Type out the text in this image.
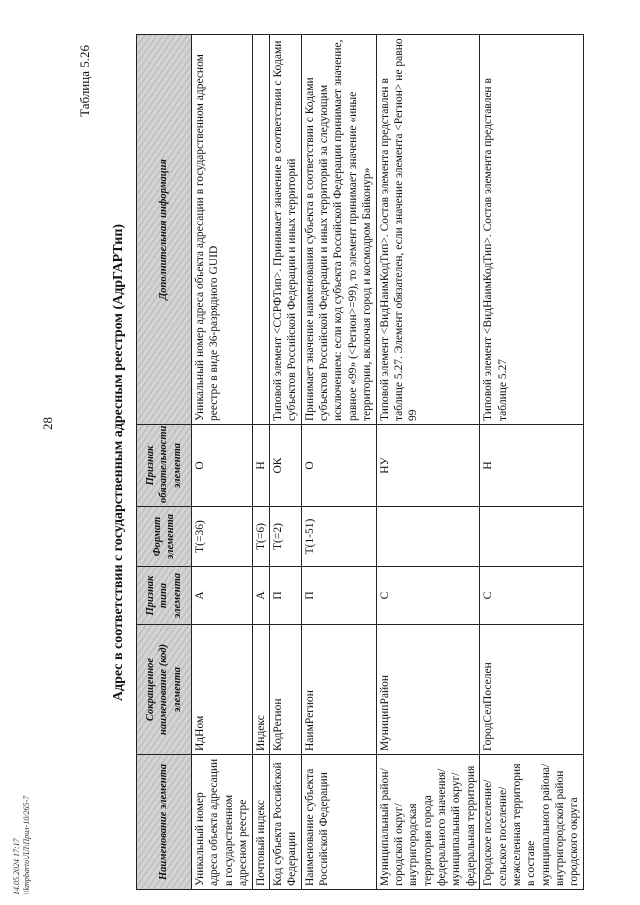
28
Таблица 5.26
Адрес в соответствии с государственным адресным реестром (АдрГАРТип)
Наименование элемента	Сокращенное наименование (код) элемента	Признак типа элемента	Формат элемента	Признак обязательности элемента	Дополнительная информация
Уникальный номер адреса объекта адресации в государственном адресном реестре	ИдНом	А	Т(=36)	О	Уникальный номер адреса объекта адресации в государственном адресном реестре в виде 36-разрядного GUID
Почтовый индекс	Индекс	А	Т(=6)	Н	
Код субъекта Российской Федерации	КодРегион	П	Т(=2)	ОК	Типовой элемент <ССРФТип>. Принимает значение в соответствии с Кодами субъектов Российской Федерации и иных территорий
Наименование субъекта Российской Федерации	НаимРегион	П	Т(1-51)	О	Принимает значение наименования субъекта в соответствии с Кодами субъектов Российской Федерации и иных территорий за следующим исключением: если код субъекта Российской Федерации принимает значение, равное «99» (<Регион>=99), то элемент принимает значение «иные территории, включая город и космодром Байконур»
Муниципальный район/городской округ/внутригородская территория города федерального значения/муниципальный округ/федеральная территория	МуниципРайон	С		НУ	Типовой элемент <ВидНаимКодТип>. Состав элемента представлен в таблице 5.27. Элемент обязателен, если значение элемента <Регион> не равно 99
Городское поселение/сельское поселение/межселенная территория в составе муниципального района/внутригородской район городского округа	ГородСелПоселен	С		Н	Типовой элемент <ВидНаимКодТип>. Состав элемента представлен в таблице 5.27
14.05.2024 17:17 \\kmpbarto\ЛЛ\Прил-10/265-7
